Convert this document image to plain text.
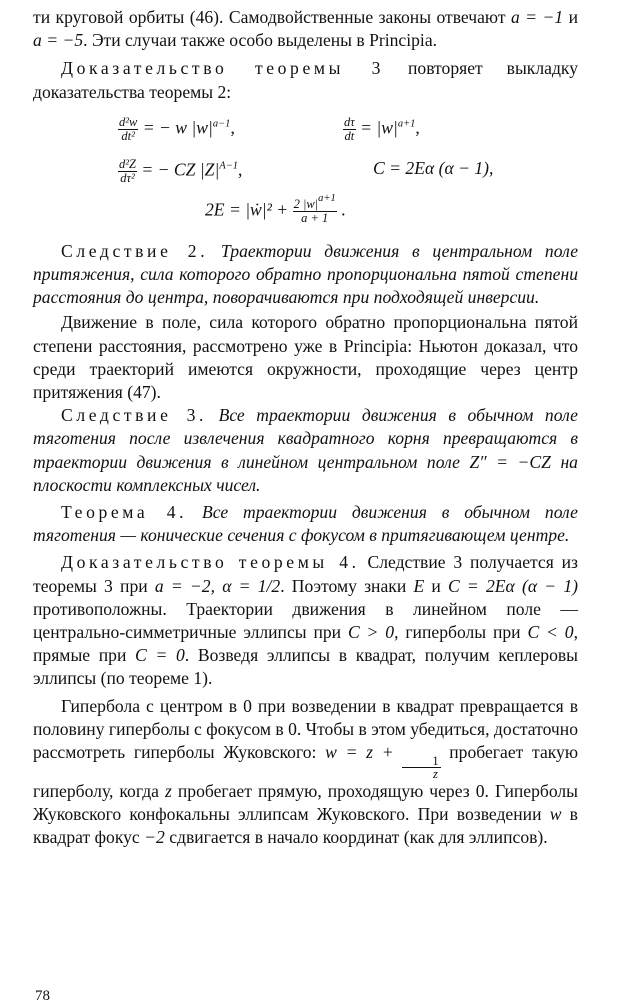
ти круговой орбиты (46). Самодвойственные законы отвечают a = −1 и a = −5. Эти случаи также особо выделены в Principia.

Доказательство теоремы 3 повторяет выкладку доказательства теоремы 2:

$\frac{\text{d²w}}{\text{dt²}}$ = − w $|w|^{a-1}$,	$\frac{d\tau}{dt} = |w|^{a+1}$,
$\frac{\text{d²Z}}{\text{dτ²}}$ = − CZ $|Z|^{A-1}$,	C = 2Eα (α − 1),
2E = |ẇ|² + $\frac{2 |w|^{a+1}}{a + 1}$ .

Следствие 2. Траектории движения в центральном поле притяжения, сила которого обратно пропорциональна пятой степени расстояния до центра, поворачиваются при подходящей инверсии.

Движение в поле, сила которого обратно пропорциональна пятой степени расстояния, рассмотрено уже в Principia: Ньютон доказал, что среди траекторий имеются окружности, проходящие через центр притяжения (47).

Следствие 3. Все траектории движения в обычном поле тяготения после извлечения квадратного корня превращаются в траектории движения в линейном центральном поле Z″ = −CZ на плоскости комплексных чисел.

Теорема 4. Все траектории движения в обычном поле тяготения — конические сечения с фокусом в притягивающем центре.

Доказательство теоремы 4. Следствие 3 получается из теоремы 3 при a = −2, α = 1/2. Поэтому знаки E и C = 2Eα (α − 1) противоположны. Траектории движения в линейном поле — центрально-симметричные эллипсы при C > 0, гиперболы при C < 0, прямые при C = 0. Возведя эллипсы в квадрат, получим кеплеровы эллипсы (по теореме 1).

Гипербола с центром в 0 при возведении в квадрат превращается в половину гиперболы с фокусом в 0. Чтобы в этом убедиться, достаточно рассмотреть гиперболы Жуковского: w = z +
$\frac{1}{z}$
пробегает такую гиперболу, когда z пробегает прямую, проходящую через 0. Гиперболы Жуковского конфокальны эллипсам Жуковского. При возведении w в квадрат фокус −2 сдвигается в начало координат (как для эллипсов).

78
